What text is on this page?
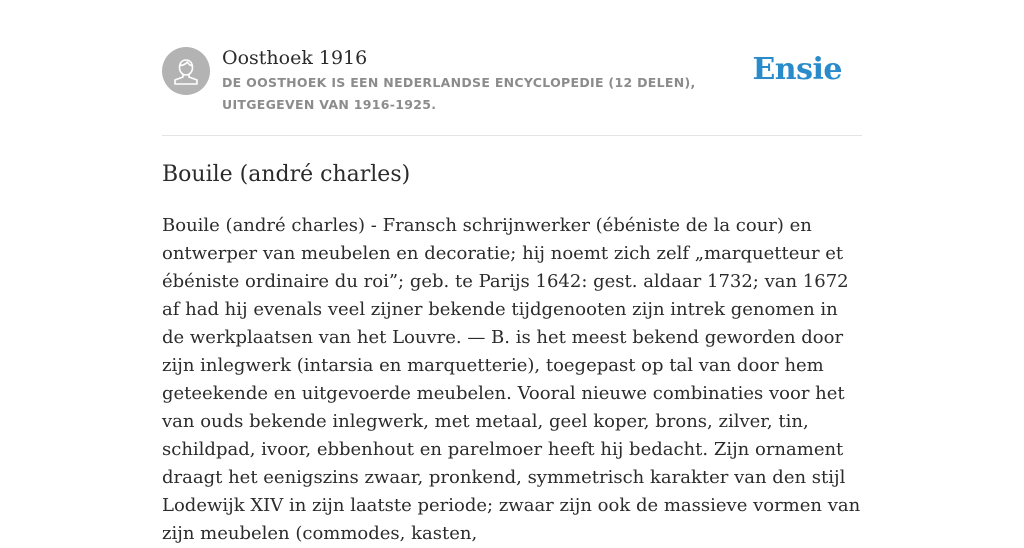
Oosthoek 1916
DE OOSTHOEK IS EEN NEDERLANDSE ENCYCLOPEDIE (12 DELEN), UITGEGEVEN VAN 1916-1925.
Ensie
Bouile (andré charles)

Bouile (andré charles) - Fransch schrijnwerker (ébéniste de la cour) en ontwerper van meubelen en decoratie; hij noemt zich zelf „marquetteur et ébéniste ordinaire du roi”; geb. te Parijs 1642: gest. aldaar 1732; van 1672 af had hij evenals veel zijner bekende tijdgenooten zijn intrek genomen in de werkplaatsen van het Louvre. — B. is het meest bekend geworden door zijn inlegwerk (intarsia en marquetterie), toegepast op tal van door hem geteekende en uitgevoerde meubelen. Vooral nieuwe combinaties voor het van ouds bekende inlegwerk, met metaal, geel koper, brons, zilver, tin, schildpad, ivoor, ebbenhout en parelmoer heeft hij bedacht. Zijn ornament draagt het eenigszins zwaar, pronkend, symmetrisch karakter van den stijl Lodewijk XIV in zijn laatste periode; zwaar zijn ook de massieve vormen van zijn meubelen (commodes, kasten,
